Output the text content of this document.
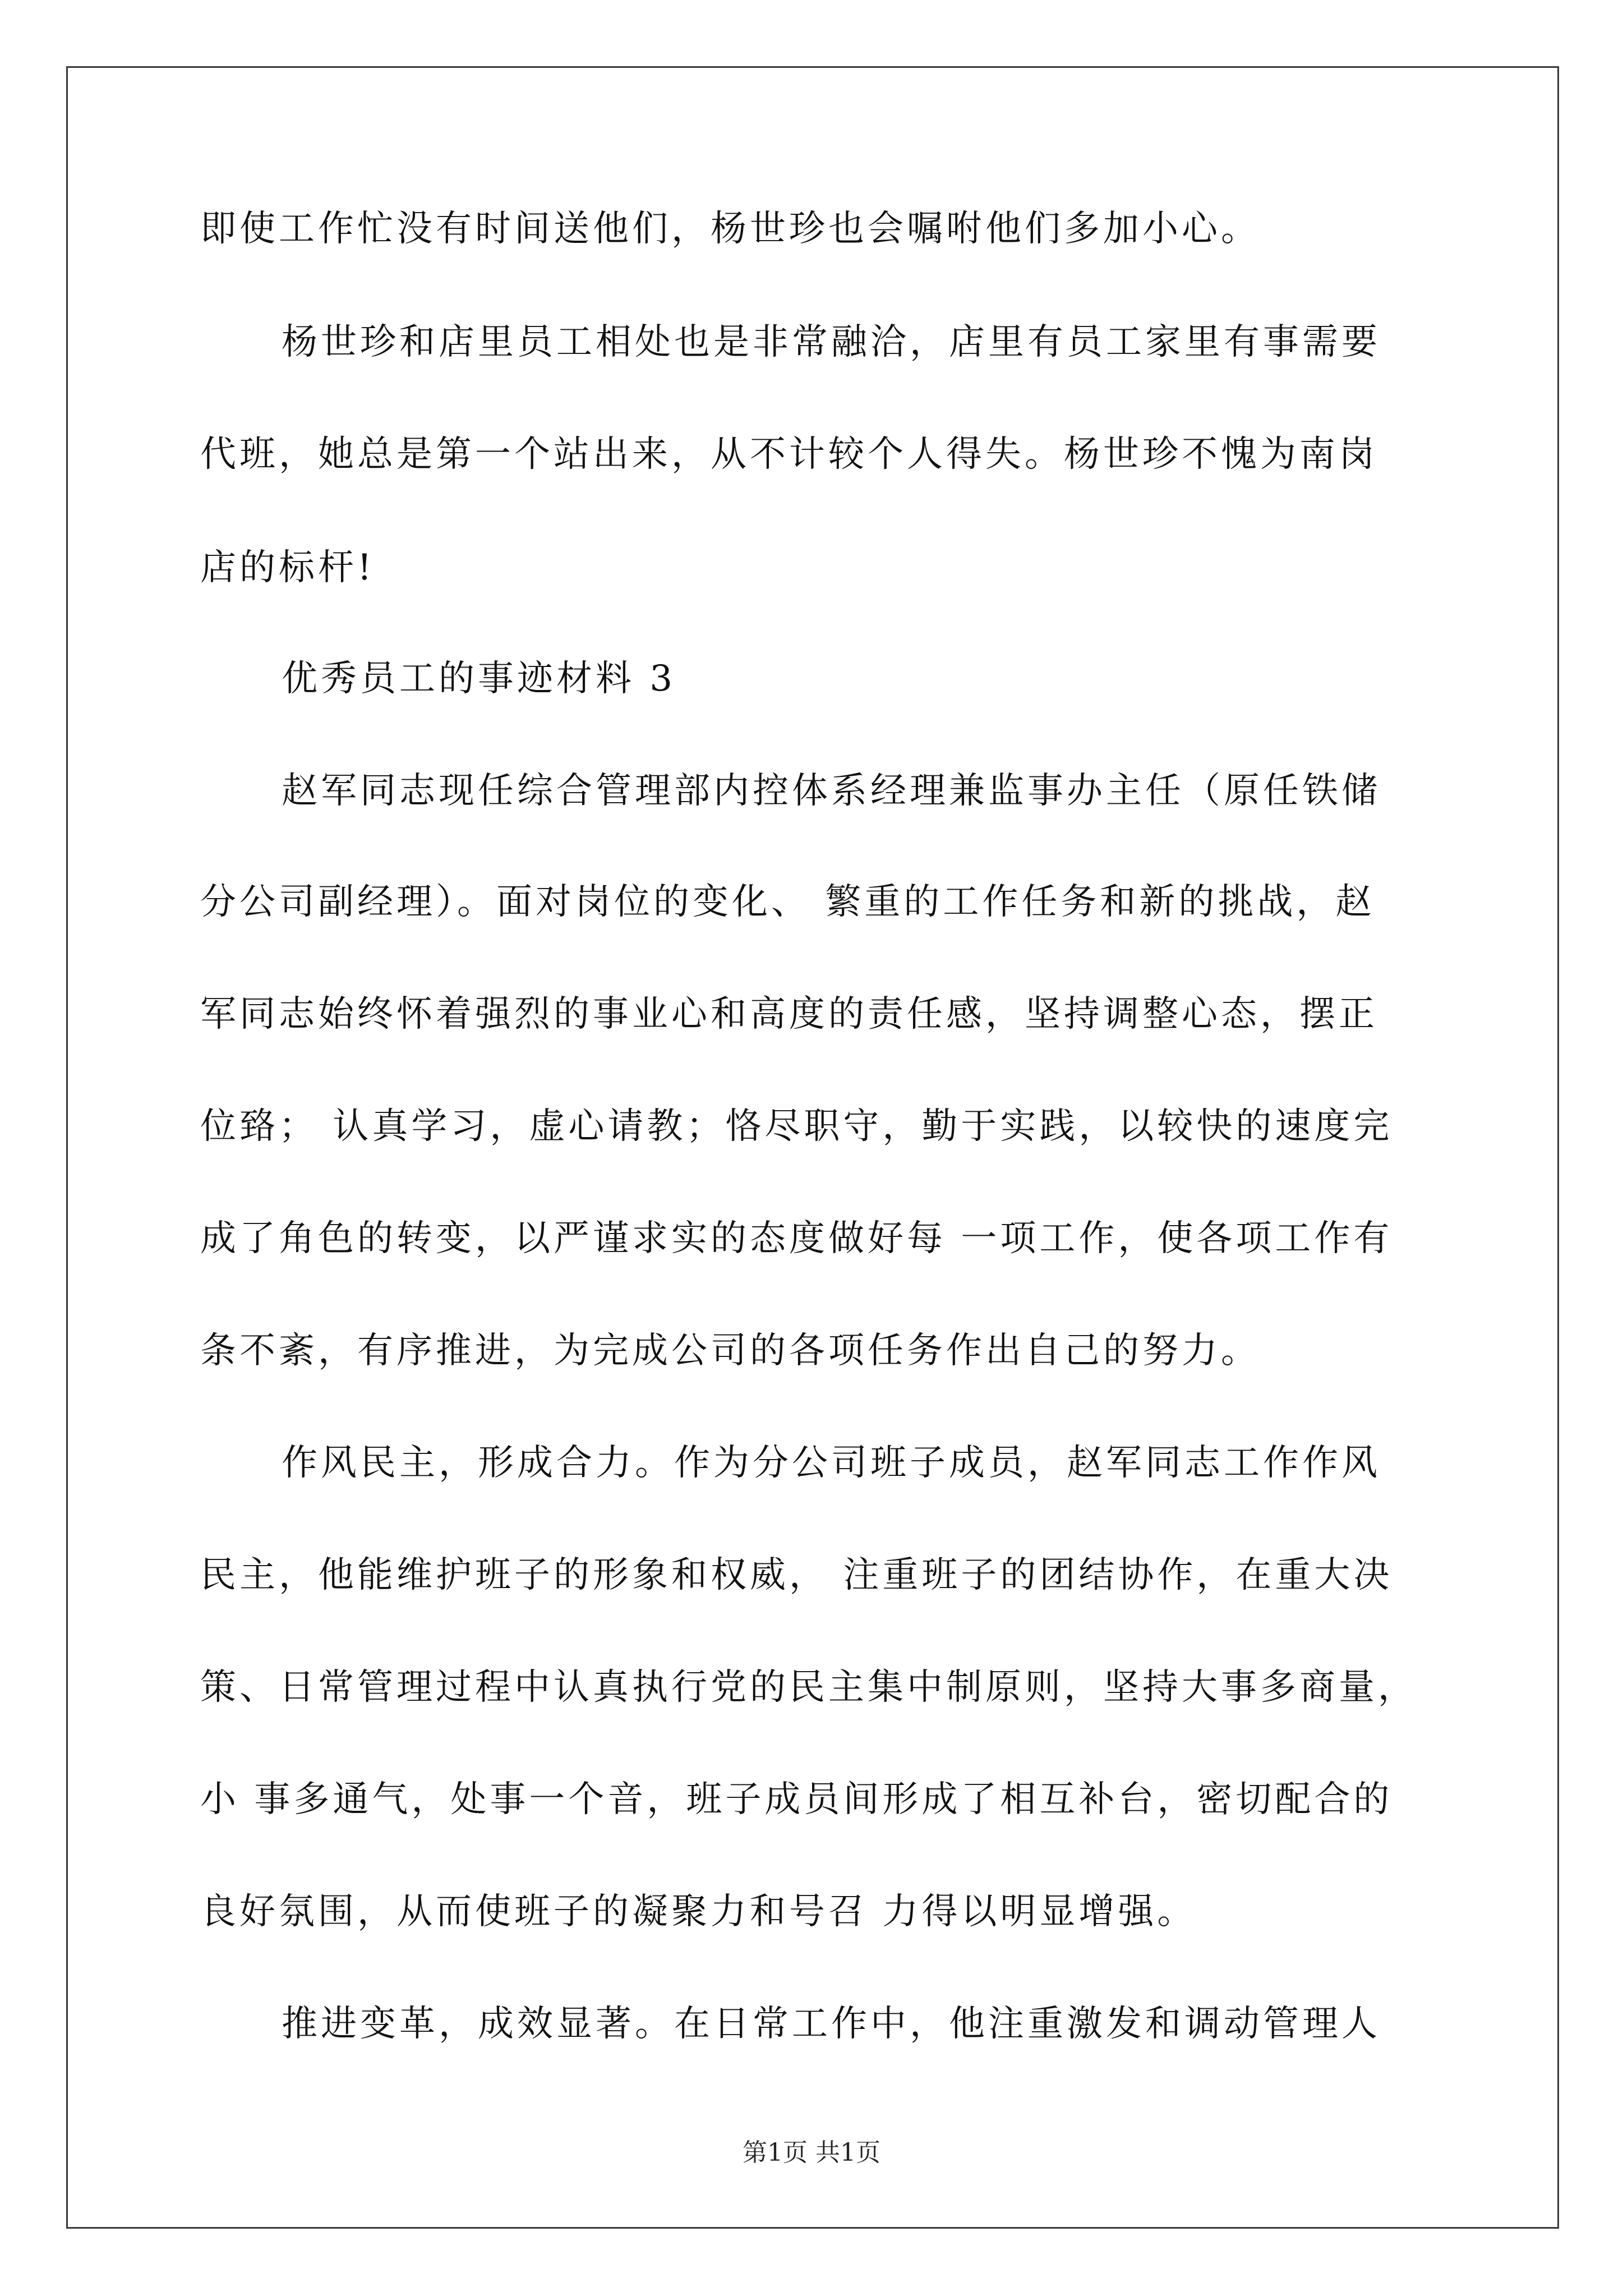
即使工作忙没有时间送他们，杨世珍也会嘱咐他们多加小心。
杨世珍和店里员工相处也是非常融洽，店里有员工家里有事需要
代班，她总是第一个站出来，从不计较个人得失。杨世珍不愧为南岗
店的标杆!
优秀员工的事迹材料 3
赵军同志现任综合管理部内控体系经理兼监事办主任（原任铁储
分公司副经理）。面对岗位的变化、 繁重的工作任务和新的挑战，赵
军同志始终怀着强烈的事业心和高度的责任感，坚持调整心态，摆正
位臵； 认真学习，虚心请教；恪尽职守，勤于实践，以较快的速度完
成了角色的转变，以严谨求实的态度做好每 一项工作，使各项工作有
条不紊，有序推进，为完成公司的各项任务作出自己的努力。
作风民主，形成合力。作为分公司班子成员，赵军同志工作作风
民主，他能维护班子的形象和权威， 注重班子的团结协作，在重大决
策、日常管理过程中认真执行党的民主集中制原则，坚持大事多商量，
小 事多通气，处事一个音，班子成员间形成了相互补台，密切配合的
良好氛围，从而使班子的凝聚力和号召 力得以明显增强。
推进变革，成效显著。在日常工作中，他注重激发和调动管理人
第1页 共1页
